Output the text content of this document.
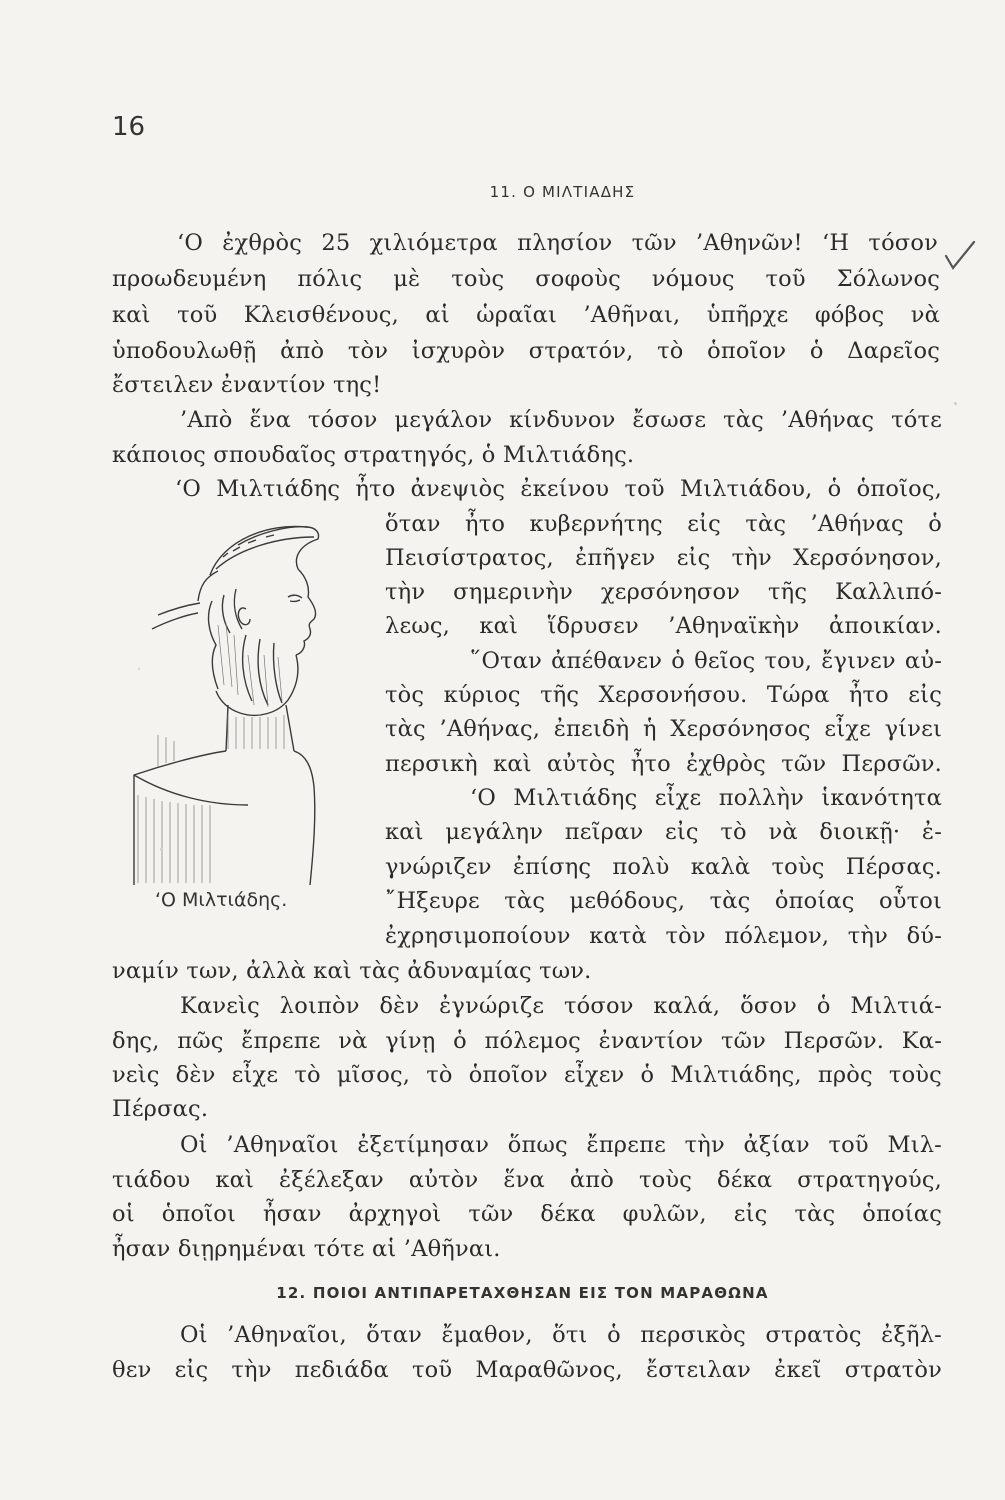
16
11. Ο ΜΙΛΤΙΑΔΗΣ
‘Ο ἐχθρὸς 25 χιλιόμετρα πλησίον τῶν ’Αθηνῶν! ‘Η τόσον
προωδευμένη πόλις μὲ τοὺς σοφοὺς νόμους τοῦ Σόλωνος
καὶ τοῦ Κλεισθένους, αἱ ὡραῖαι ’Αθῆναι, ὑπῆρχε φόβος νὰ
ὑποδουλωθῇ ἀπὸ τὸν ἰσχυρὸν στρατόν, τὸ ὁποῖον ὁ Δαρεῖος
ἔστειλεν ἐναντίον της!
’Απὸ ἕνα τόσον μεγάλον κίνδυνον ἔσωσε τὰς ’Αθήνας τότε
κάποιος σπουδαῖος στρατηγός, ὁ Μιλτιάδης.
‘Ο Μιλτιάδης ἦτο ἀνεψιὸς ἐκείνου τοῦ Μιλτιάδου, ὁ ὁποῖος,
ὅταν ἦτο κυβερνήτης εἰς τὰς ’Αθήνας ὁ
Πεισίστρατος, ἐπῆγεν εἰς τὴν Χερσόνησον,
τὴν σημερινὴν χερσόνησον τῆς Καλλιπό-
λεως, καὶ ἵδρυσεν ’Αθηναϊκὴν ἀποικίαν.
῞Οταν ἀπέθανεν ὁ θεῖος του, ἔγινεν αὐ-
τὸς κύριος τῆς Χερσονήσου. Τώρα ἦτο εἰς
τὰς ’Αθήνας, ἐπειδὴ ἡ Χερσόνησος εἶχε γίνει
περσικὴ καὶ αὐτὸς ἦτο ἐχθρὸς τῶν Περσῶν.
‘Ο Μιλτιάδης εἶχε πολλὴν ἱκανότητα
καὶ μεγάλην πεῖραν εἰς τὸ νὰ διοικῇ· ἐ-
γνώριζεν ἐπίσης πολὺ καλὰ τοὺς Πέρσας.
῎Ηξευρε τὰς μεθόδους, τὰς ὁποίας οὗτοι
ἐχρησιμοποίουν κατὰ τὸν πόλεμον, τὴν δύ-
ναμίν των, ἀλλὰ καὶ τὰς ἀδυναμίας των.
Κανεὶς λοιπὸν δὲν ἐγνώριζε τόσον καλά, ὅσον ὁ Μιλτιά-
δης, πῶς ἔπρεπε νὰ γίνῃ ὁ πόλεμος ἐναντίον τῶν Περσῶν. Κα-
νεὶς δὲν εἶχε τὸ μῖσος, τὸ ὁποῖον εἶχεν ὁ Μιλτιάδης, πρὸς τοὺς
Πέρσας.
Οἱ ’Αθηναῖοι ἐξετίμησαν ὅπως ἔπρεπε τὴν ἀξίαν τοῦ Μιλ-
τιάδου καὶ ἐξέλεξαν αὐτὸν ἕνα ἀπὸ τοὺς δέκα στρατηγούς,
οἱ ὁποῖοι ἦσαν ἀρχηγοὶ τῶν δέκα φυλῶν, εἰς τὰς ὁποίας
ἦσαν διῃρημέναι τότε αἱ ’Αθῆναι.
‘Ο Μιλτιάδης.
12. ΠΟΙΟΙ ΑΝΤΙΠΑΡΕΤΑΧΘΗΣΑΝ ΕΙΣ ΤΟΝ ΜΑΡΑΘΩΝΑ
Οἱ ’Αθηναῖοι, ὅταν ἔμαθον, ὅτι ὁ περσικὸς στρατὸς ἐξῆλ-
θεν εἰς τὴν πεδιάδα τοῦ Μαραθῶνος, ἔστειλαν ἐκεῖ στρατὸν
